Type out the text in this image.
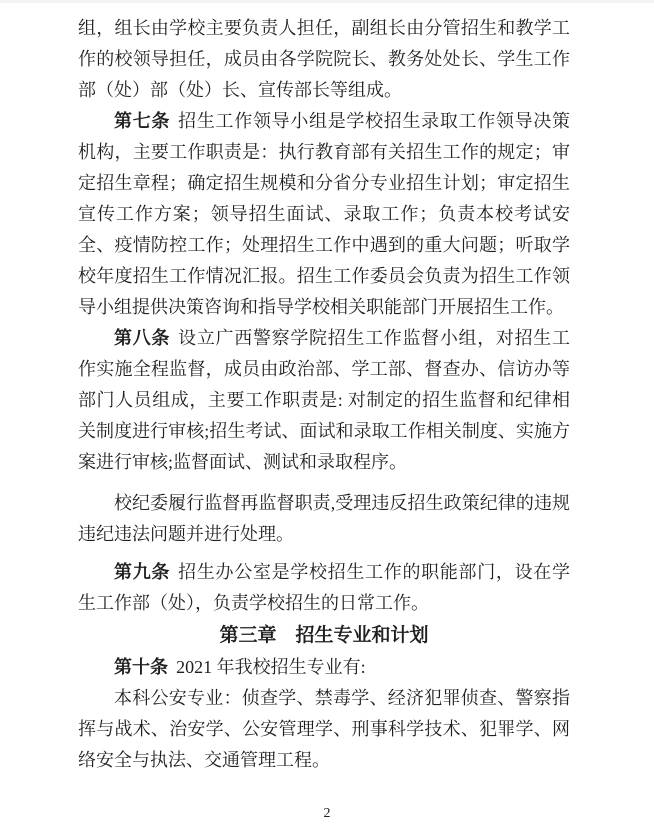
组，组长由学校主要负责人担任，副组长由分管招生和教学工作的校领导担任，成员由各学院院长、教务处处长、学生工作部（处）部（处）长、宣传部长等组成。

第七条 招生工作领导小组是学校招生录取工作领导决策机构，主要工作职责是：执行教育部有关招生工作的规定；审定招生章程；确定招生规模和分省分专业招生计划；审定招生宣传工作方案；领导招生面试、录取工作；负责本校考试安全、疫情防控工作；处理招生工作中遇到的重大问题；听取学校年度招生工作情况汇报。招生工作委员会负责为招生工作领导小组提供决策咨询和指导学校相关职能部门开展招生工作。

第八条 设立广西警察学院招生工作监督小组，对招生工作实施全程监督，成员由政治部、学工部、督查办、信访办等部门人员组成，主要工作职责是: 对制定的招生监督和纪律相关制度进行审核;招生考试、面试和录取工作相关制度、实施方案进行审核;监督面试、测试和录取程序。

校纪委履行监督再监督职责,受理违反招生政策纪律的违规违纪违法问题并进行处理。

第九条 招生办公室是学校招生工作的职能部门，设在学生工作部（处），负责学校招生的日常工作。

第三章　招生专业和计划

第十条 2021 年我校招生专业有:

本科公安专业：侦查学、禁毒学、经济犯罪侦查、警察指挥与战术、治安学、公安管理学、刑事科学技术、犯罪学、网络安全与执法、交通管理工程。

2
